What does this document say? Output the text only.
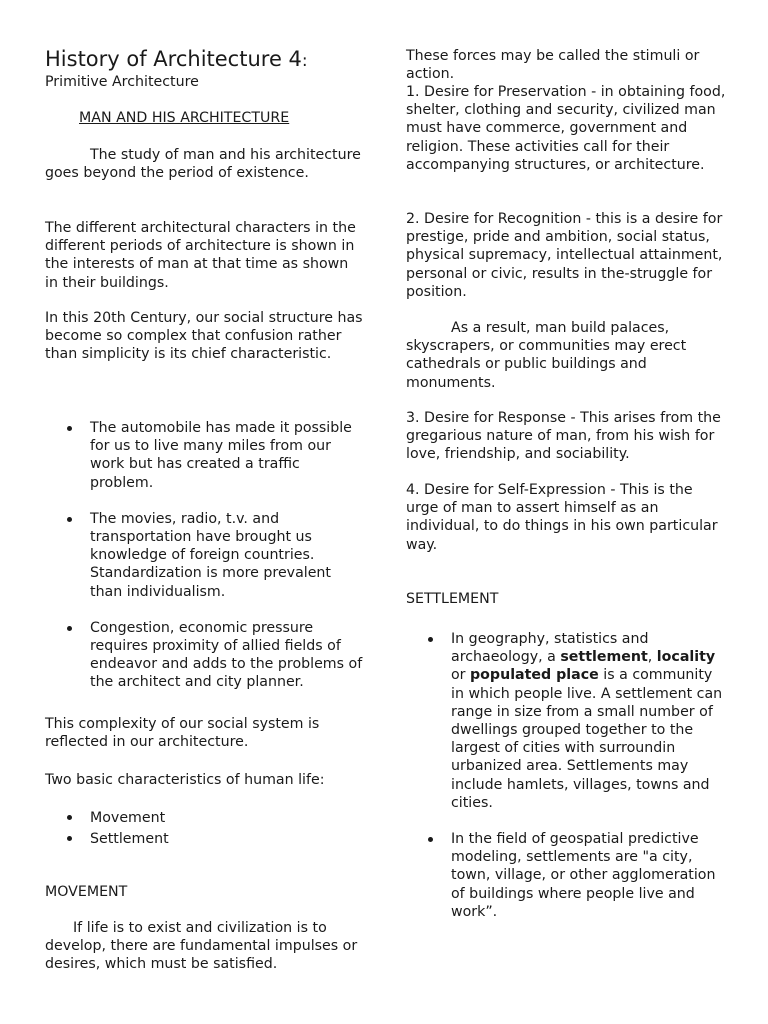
History of Architecture 4:
Primitive Architecture
MAN AND HIS ARCHITECTURE

The study of man and his architecture goes beyond the period of existence.

The different architectural characters in the different periods of architecture is shown in the interests of man at that time as shown in their buildings.

In this 20th Century, our social structure has become so complex that confusion rather than simplicity is its chief characteristic.

The automobile has made it possible for us to live many miles from our work but has created a traffic problem.
The movies, radio, t.v. and transportation have brought us knowledge of foreign countries. Standardization is more prevalent than individualism.
Congestion, economic pressure requires proximity of allied fields of endeavor and adds to the problems of the architect and city planner.

This complexity of our social system is reflected in our architecture.

Two basic characteristics of human life:

Movement
Settlement

MOVEMENT

If life is to exist and civilization is to develop, there are fundamental impulses or desires, which must be satisfied.

These forces may be called the stimuli or action.

1. Desire for Preservation - in obtaining food, shelter, clothing and security, civilized man must have commerce, government and religion. These activities call for their accompanying structures, or architecture.

2. Desire for Recognition - this is a desire for prestige, pride and ambition, social status, physical supremacy, intellectual attainment, personal or civic, results in the-struggle for position.

As a result, man build palaces, skyscrapers, or communities may erect cathedrals or public buildings and monuments.

3. Desire for Response - This arises from the gregarious nature of man, from his wish for love, friendship, and sociability.

4. Desire for Self-Expression - This is the urge of man to assert himself as an individual, to do things in his own particular way.

SETTLEMENT

In geography, statistics and archaeology, a settlement, locality or populated place is a community in which people live. A settlement can range in size from a small number of dwellings grouped together to the largest of cities with surroundin urbanized area. Settlements may include hamlets, villages, towns and cities.
In the field of geospatial predictive modeling, settlements are "a city, town, village, or other agglomeration of buildings where people live and work”.
